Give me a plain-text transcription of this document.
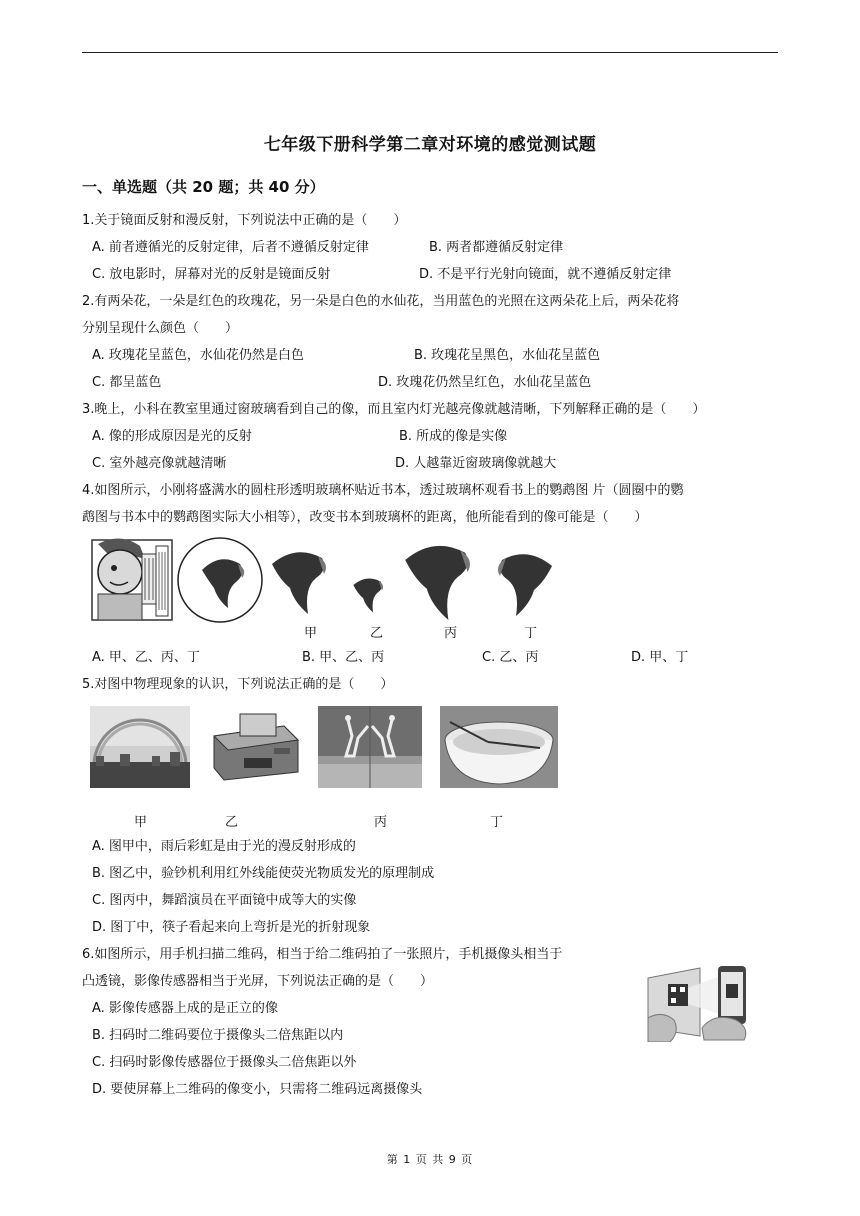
七年级下册科学第二章对环境的感觉测试题
一、单选题（共 20 题；共 40 分）
1.关于镜面反射和漫反射，下列说法中正确的是（　　）
A. 前者遵循光的反射定律，后者不遵循反射定律	B. 两者都遵循反射定律
C. 放电影时，屏幕对光的反射是镜面反射	D. 不是平行光射向镜面，就不遵循反射定律
2.有两朵花，一朵是红色的玫瑰花，另一朵是白色的水仙花，当用蓝色的光照在这两朵花上后，两朵花将
分别呈现什么颜色（　　）
A. 玫瑰花呈蓝色，水仙花仍然是白色	B. 玫瑰花呈黑色，水仙花呈蓝色
C. 都呈蓝色	D. 玫瑰花仍然呈红色，水仙花呈蓝色
3.晚上，小科在教室里通过窗玻璃看到自己的像，而且室内灯光越亮像就越清晰，下列解释正确的是（　　）
A. 像的形成原因是光的反射	B. 所成的像是实像
C. 室外越亮像就越清晰	D. 人越靠近窗玻璃像就越大
4.如图所示，小刚将盛满水的圆柱形透明玻璃杯贴近书本，透过玻璃杯观看书上的鹦鹉图 片（圆圈中的鹦
鹉图与书本中的鹦鹉图实际大小相等），改变书本到玻璃杯的距离，他所能看到的像可能是（　　）
甲	乙	丙	丁
A. 甲、乙、丙、丁	B. 甲、乙、丙	C. 乙、丙	D. 甲、丁
5.对图中物理现象的认识，下列说法正确的是（　　）
甲	乙	丙	丁
A. 图甲中，雨后彩虹是由于光的漫反射形成的
B. 图乙中，验钞机利用红外线能使荧光物质发光的原理制成
C. 图丙中，舞蹈演员在平面镜中成等大的实像
D. 图丁中，筷子看起来向上弯折是光的折射现象
6.如图所示，用手机扫描二维码，相当于给二维码拍了一张照片，手机摄像头相当于
凸透镜，影像传感器相当于光屏，下列说法正确的是（　　）
A. 影像传感器上成的是正立的像
B. 扫码时二维码要位于摄像头二倍焦距以内
C. 扫码时影像传感器位于摄像头二倍焦距以外
D. 要使屏幕上二维码的像变小，只需将二维码远离摄像头
第 1 页 共 9 页
